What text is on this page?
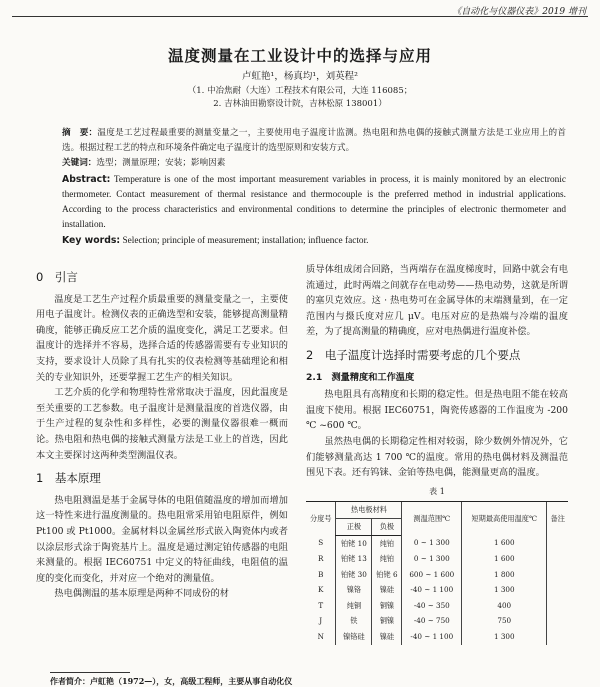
《自动化与仪器仪表》2019 增刊
温度测量在工业设计中的选择与应用
卢虹艳¹，杨真均¹，刘英程²
（1. 中冶焦耐（大连）工程技术有限公司，大连 116085；
2. 吉林油田勘察设计院，吉林松原 138001）
摘　要：温度是工艺过程最重要的测量变量之一，主要使用电子温度计监测。热电阻和热电偶的接触式测量方法是工业应用上的首选。根据过程工艺的特点和环境条件确定电子温度计的选型原则和安装方式。
关键词：选型；测量原理；安装；影响因素
Abstract: Temperature is one of the most important measurement variables in process, it is mainly monitored by an electronic thermometer. Contact measurement of thermal resistance and thermocouple is the preferred method in industrial applications. According to the process characteristics and environmental conditions to determine the principles of electronic thermometer and installation.
Key words: Selection; principle of measurement; installation; influence factor.
0　引言

温度是工艺生产过程介质最重要的测量变量之一，主要使用电子温度计。检测仪表的正确选型和安装，能够提高测量精确度，能够正确反应工艺介质的温度变化，满足工艺要求。但温度计的选择并不容易，选择合适的传感器需要有专业知识的支持，要求设计人员除了具有扎实的仪表检测等基础理论和相关的专业知识外，还要掌握工艺生产的相关知识。

工艺介质的化学和物理特性常常取决于温度，因此温度是至关重要的工艺参数。电子温度计是测量温度的首选仪器，由于生产过程的复杂性和多样性，必要的测量仪器很难一概而论。热电阻和热电偶的接触式测量方法是工业上的首选，因此本文主要探讨这两种类型测温仪表。

1　基本原理

热电阻测温是基于金属导体的电阻值随温度的增加而增加这一特性来进行温度测量的。热电阻常采用铂电阻原件，例如 Pt100 或 Pt1000。金属材料以金属丝形式嵌入陶瓷体内或者以涂层形式涂于陶瓷基片上。温度是通过测定铂传感器的电阻来测量的。根据 IEC60751 中定义的特征曲线，电阻值的温度的变化而变化，并对应一个绝对的测量值。

热电偶测温的基本原理是两种不同成份的材

质导体组成闭合回路，当两端存在温度梯度时，回路中就会有电流通过，此时两端之间就存在电动势——热电动势，这就是所谓的塞贝克效应。这 · 热电势可在金属导体的末端测量到，在一定范围内与摄氏度对应几 μV。电压对应的是热端与冷端的温度差，为了提高测量的精确度，应对电热偶进行温度补偿。

2　电子温度计选择时需要考虑的几个要点
2.1　测量精度和工作温度

热电阻具有高精度和长期的稳定性。但是热电阻不能在较高温度下使用。根据 IEC60751，陶瓷传感器的工作温度为 -200 ℃ ~600 ℃。

虽然热电偶的长期稳定性相对较弱，除少数例外情况外，它们能够测量高达 1 700 ℃的温度。常用的热电偶材料及测温范围见下表。还有钨铼、金铂等热电偶，能测量更高的温度。

表 1
分度号	热电极材料		测温范围℃	短期最高使用温度℃	备注
	正极	负极			
S	铂铑 10	纯铂	0 ~ 1 300	1 600	
R	铂铑 13	纯铂	0 ~ 1 300	1 600	
B	铂铑 30	铂铑 6	600 ~ 1 600	1 800	
K	镍铬	镍硅	-40 ~ 1 100	1 300	
T	纯铜	铜镍	-40 ~ 350	400	
J	铁	铜镍	-40 ~ 750	750	
N	镍铬硅	镍硅	-40 ~ 1 100	1 300	
作者简介：卢虹艳（1972—），女，高级工程师，主要从事自动化仪
